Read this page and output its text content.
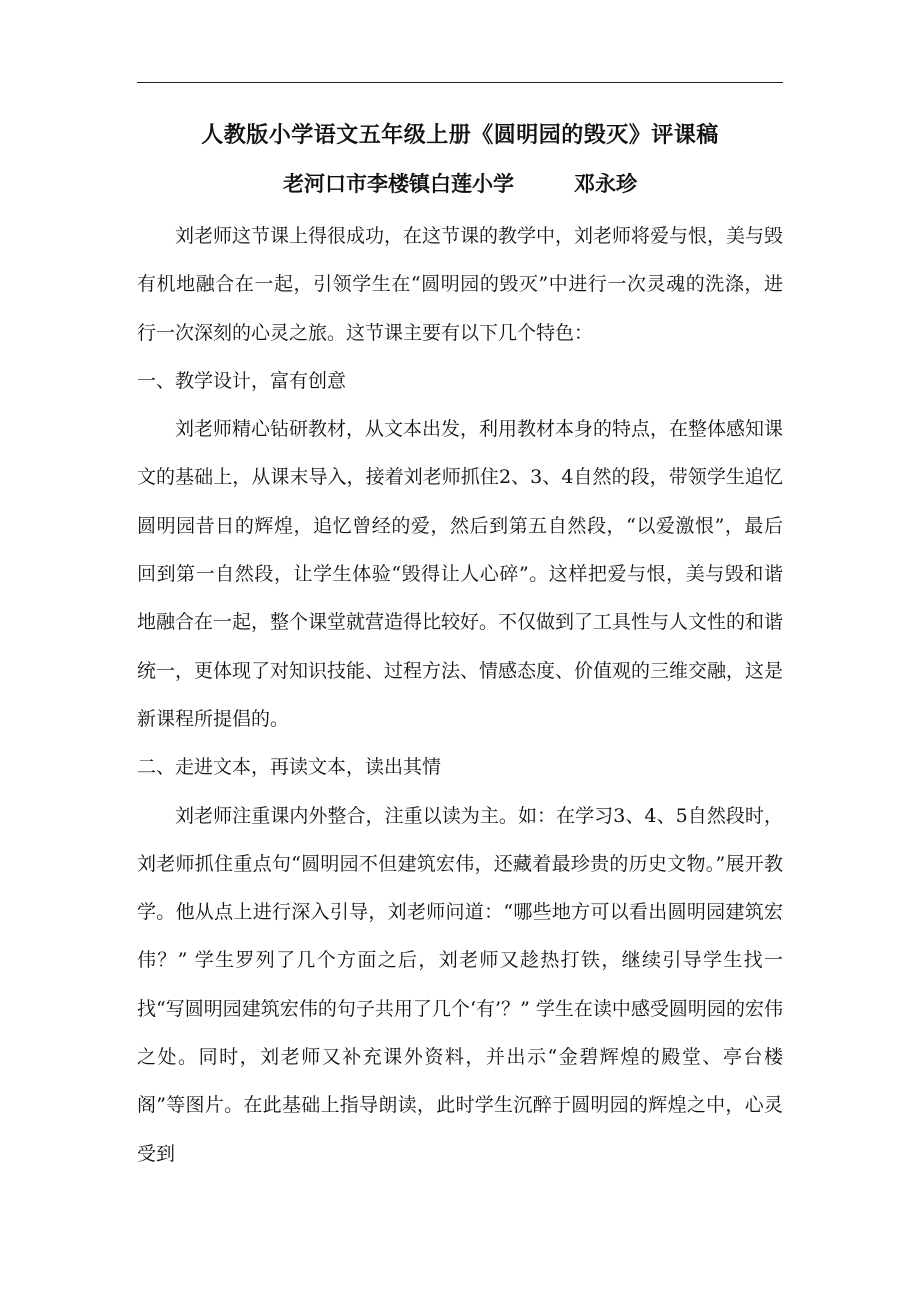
人教版小学语文五年级上册《圆明园的毁灭》评课稿
老河口市李楼镇白莲小学	邓永珍

刘老师这节课上得很成功，在这节课的教学中，刘老师将爱与恨，美与毁有机地融合在一起，引领学生在“圆明园的毁灭”中进行一次灵魂的洗涤，进行一次深刻的心灵之旅。这节课主要有以下几个特色：

一、教学设计，富有创意

刘老师精心钻研教材，从文本出发，利用教材本身的特点，在整体感知课文的基础上，从课末导入，接着刘老师抓住2、3、4自然的段，带领学生追忆圆明园昔日的辉煌，追忆曾经的爱，然后到第五自然段，“以爱激恨”，最后回到第一自然段，让学生体验“毁得让人心碎”。这样把爱与恨，美与毁和谐地融合在一起，整个课堂就营造得比较好。不仅做到了工具性与人文性的和谐统一，更体现了对知识技能、过程方法、情感态度、价值观的三维交融，这是新课程所提倡的。

二、走进文本，再读文本，读出其情

刘老师注重课内外整合，注重以读为主。如：在学习3、4、5自然段时，刘老师抓住重点句“圆明园不但建筑宏伟，还藏着最珍贵的历史文物。”展开教学。他从点上进行深入引导，刘老师问道：“哪些地方可以看出圆明园建筑宏伟？” 学生罗列了几个方面之后，刘老师又趁热打铁，继续引导学生找一找“写圆明园建筑宏伟的句子共用了几个‘有’？” 学生在读中感受圆明园的宏伟之处。同时，刘老师又补充课外资料，并出示“金碧辉煌的殿堂、亭台楼阁”等图片。在此基础上指导朗读，此时学生沉醉于圆明园的辉煌之中，心灵受到
